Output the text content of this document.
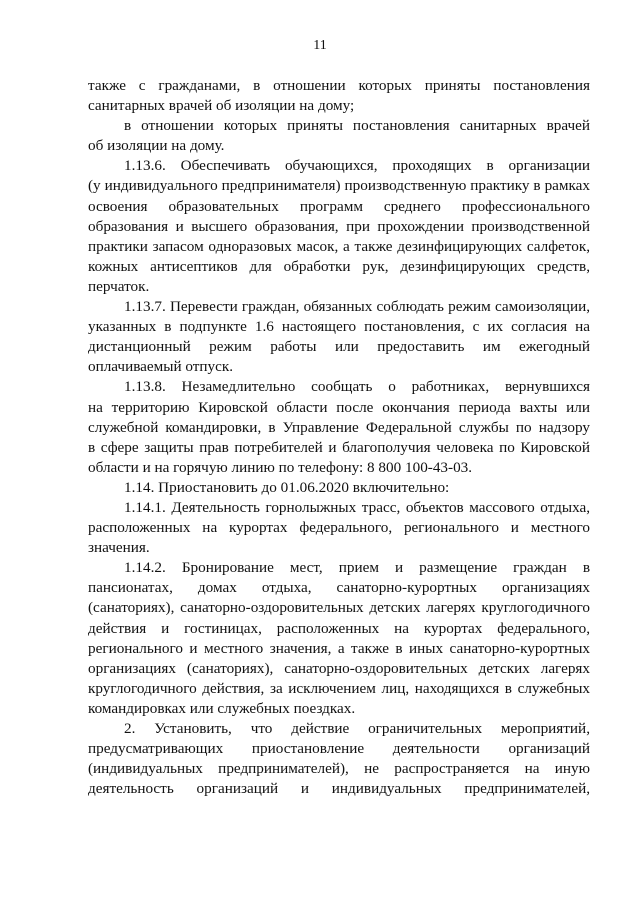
11
также с гражданами, в отношении которых приняты постановления
санитарных врачей об изоляции на дому;
в отношении которых приняты постановления санитарных врачей
об изоляции на дому.
1.13.6. Обеспечивать обучающихся, проходящих в организации
(у индивидуального предпринимателя) производственную практику в рамках
освоения образовательных программ среднего профессионального
образования и высшего образования, при прохождении производственной
практики запасом одноразовых масок, а также дезинфицирующих салфеток,
кожных антисептиков для обработки рук, дезинфицирующих средств,
перчаток.
1.13.7. Перевести граждан, обязанных соблюдать режим самоизоляции,
указанных в подпункте 1.6 настоящего постановления, с их согласия на
дистанционный режим работы или предоставить им ежегодный
оплачиваемый отпуск.
1.13.8. Незамедлительно сообщать о работниках, вернувшихся
на территорию Кировской области после окончания периода вахты или
служебной командировки, в Управление Федеральной службы по надзору
в сфере защиты прав потребителей и благополучия человека по Кировской
области и на горячую линию по телефону: 8 800 100-43-03.
1.14. Приостановить до 01.06.2020 включительно:
1.14.1. Деятельность горнолыжных трасс, объектов массового отдыха,
расположенных на курортах федерального, регионального и местного
значения.
1.14.2. Бронирование мест, прием и размещение граждан в
пансионатах, домах отдыха, санаторно-курортных организациях
(санаториях), санаторно-оздоровительных детских лагерях круглогодичного
действия и гостиницах, расположенных на курортах федерального,
регионального и местного значения, а также в иных санаторно-курортных
организациях (санаториях), санаторно-оздоровительных детских лагерях
круглогодичного действия, за исключением лиц, находящихся в служебных
командировках или служебных поездках.
2. Установить, что действие ограничительных мероприятий,
предусматривающих приостановление деятельности организаций
(индивидуальных предпринимателей), не распространяется на иную
деятельность организаций и индивидуальных предпринимателей,
